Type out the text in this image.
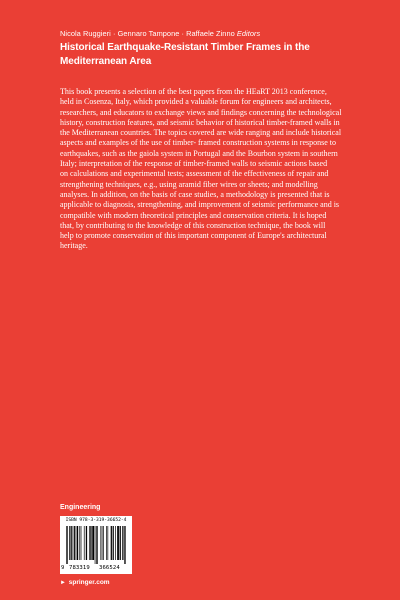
Nicola Ruggieri · Gennaro Tampone · Raffaele Zinno Editors
Historical Earthquake-Resistant Timber Frames in the
Mediterranean Area
This book presents a selection of the best papers from the HEaRT 2013 conference,
held in Cosenza, Italy, which provided a valuable forum for engineers and architects,
researchers, and educators to exchange views and findings concerning the technological
history, construction features, and seismic behavior of historical timber-framed walls in
the Mediterranean countries. The topics covered are wide ranging and include historical
aspects and examples of the use of timber- framed construction systems in response to
earthquakes, such as the gaiola system in Portugal and the Bourbon system in southern
Italy; interpretation of the response of timber-framed walls to seismic actions based
on calculations and experimental tests; assessment of the effectiveness of repair and
strengthening techniques, e.g., using aramid fiber wires or sheets; and modelling
analyses. In addition, on the basis of case studies, a methodology is presented that is
applicable to diagnosis, strengthening, and improvement of seismic performance and is
compatible with modern theoretical principles and conservation criteria. It is hoped
that, by contributing to the knowledge of this construction technique, the book will
help to promote conservation of this important component of Europe's architectural
heritage.
Engineering
ISBN 978-3-319-36652-4
9 783319 366524
► springer.com
